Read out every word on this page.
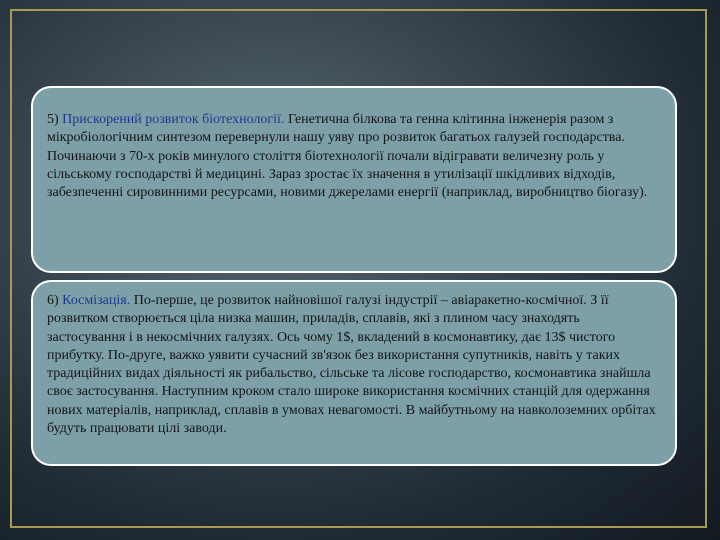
5) Прискорений розвиток біотехнології. Генетична білкова та генна клітинна інженерія разом з мікробіологічним синтезом перевернули нашу уяву про розвиток багатьох галузей господарства. Починаючи з 70-х років минулого століття біотехнології почали відігравати величезну роль у сільському господарстві й медицині. Зараз зростає їх значення в утилізації шкідливих відходів, забезпеченні сировинними ресурсами, новими джерелами енергії (наприклад, виробництво біогазу).
6) Космізація. По-перше, це розвиток найновішої галузі індустрії – авіаракетно-космічної. З її розвитком створюється ціла низка машин, приладів, сплавів, які з плином часу знаходять застосування і в некосмічних галузях. Ось чому 1$, вкладений в космонавтику, дає 13$ чистого прибутку. По-друге, важко уявити сучасний зв'язок без використання супутників, навіть у таких традиційних видах діяльності як рибальство, сільське та лісове господарство, космонавтика знайшла своє застосування. Наступним кроком стало широке використання космічних станцій для одержання нових матеріалів, наприклад, сплавів в умовах невагомості. В майбутньому на навколоземних орбітах будуть працювати цілі заводи.
